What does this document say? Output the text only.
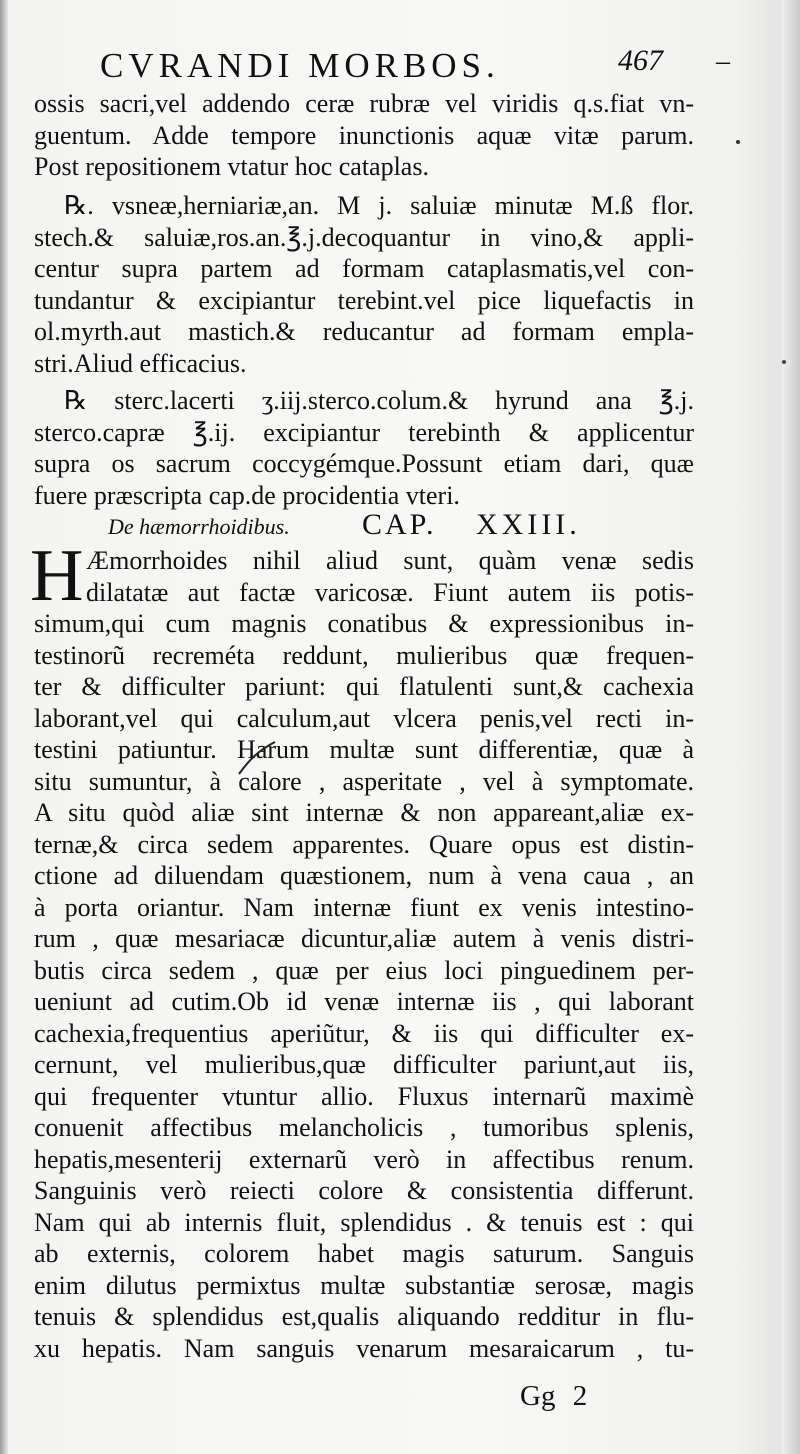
CVRANDI MORBOS.	467 –
ossis sacri,vel addendo ceræ rubræ vel viridis q.s.fiat vn-
guentum. Adde tempore inunctionis aquæ vitæ parum.
Post repositionem vtatur hoc cataplas.
℞. vsneæ,herniariæ,an. M j. saluiæ minutæ M.ß flor.
stech.& saluiæ,ros.an.℥.j.decoquantur in vino,& appli-
centur supra partem ad formam cataplasmatis,vel con-
tundantur & excipiantur terebint.vel pice liquefactis in
ol.myrth.aut mastich.& reducantur ad formam empla-
stri.Aliud efficacius.
℞ sterc.lacerti ʒ.iij.sterco.colum.& hyrund ana ℥.j.
sterco.capræ ℥.ij. excipiantur terebinth & applicentur
supra os sacrum coccygémque.Possunt etiam dari, quæ
fuere præscripta cap.de procidentia vteri.
De hæmorrhoidibus. CAP. XXIII.
H Æmorrhoides nihil aliud sunt, quàm venæ sedis
dilatatæ aut factæ varicosæ. Fiunt autem iis potis-
simum,qui cum magnis conatibus & expressionibus in-
testinorũ recreméta reddunt, mulieribus quæ frequen-
ter & difficulter pariunt: qui flatulenti sunt,& cachexia
laborant,vel qui calculum,aut vlcera penis,vel recti in-
testini patiuntur. Harum multæ sunt differentiæ, quæ à
situ sumuntur, à calore , asperitate , vel à symptomate.
A situ quòd aliæ sint internæ & non appareant,aliæ ex-
ternæ,& circa sedem apparentes. Quare opus est distin-
ctione ad diluendam quæstionem, num à vena caua , an
à porta oriantur. Nam internæ fiunt ex venis intestino-
rum , quæ mesariacæ dicuntur,aliæ autem à venis distri-
butis circa sedem , quæ per eius loci pinguedinem per-
ueniunt ad cutim.Ob id venæ internæ iis , qui laborant
cachexia,frequentius aperiũtur, & iis qui difficulter ex-
cernunt, vel mulieribus,quæ difficulter pariunt,aut iis,
qui frequenter vtuntur allio. Fluxus internarũ maximè
conuenit affectibus melancholicis , tumoribus splenis,
hepatis,mesenterij externarũ verò in affectibus renum.
Sanguinis verò reiecti colore & consistentia differunt.
Nam qui ab internis fluit, splendidus . & tenuis est : qui
ab externis, colorem habet magis saturum. Sanguis
enim dilutus permixtus multæ substantiæ serosæ, magis
tenuis & splendidus est,qualis aliquando redditur in flu-
xu hepatis. Nam sanguis venarum mesaraicarum , tu-
Gg 2
